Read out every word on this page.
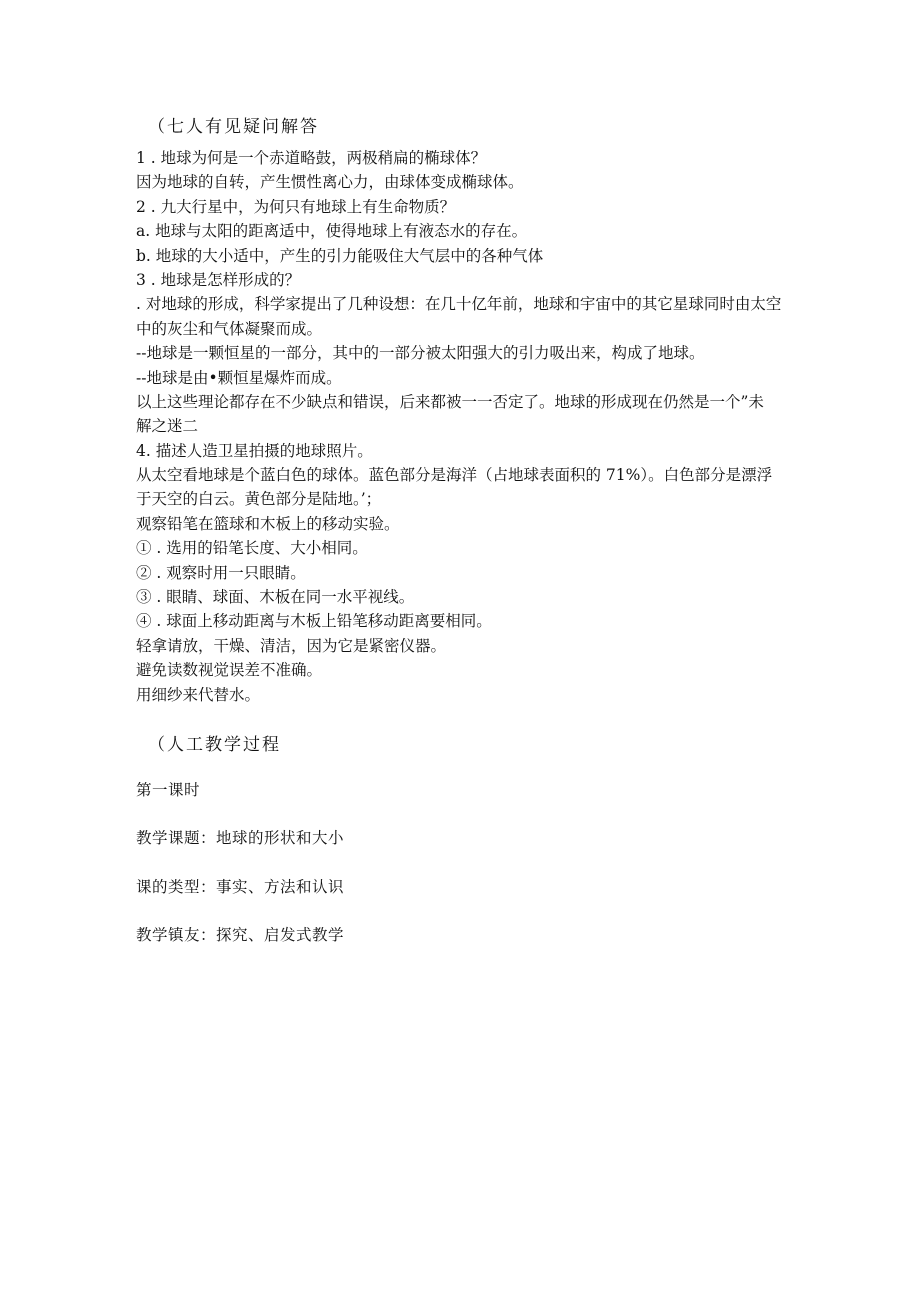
（七人有见疑问解答
1 . 地球为何是一个赤道略鼓，两极稍扁的椭球体？
因为地球的自转，产生惯性离心力，由球体变成椭球体。
2 . 九大行星中，为何只有地球上有生命物质？
a. 地球与太阳的距离适中，使得地球上有液态水的存在。
b. 地球的大小适中，产生的引力能吸住大气层中的各种气体
3 . 地球是怎样形成的？
. 对地球的形成，科学家提出了几种设想：在几十亿年前，地球和宇宙中的其它星球同时由太空
中的灰尘和气体凝聚而成。
--地球是一颗恒星的一部分，其中的一部分被太阳强大的引力吸出来，构成了地球。
--地球是由•颗恒星爆炸而成。
以上这些理论都存在不少缺点和错误，后来都被一一否定了。地球的形成现在仍然是一个”未
解之迷二
4. 描述人造卫星拍摄的地球照片。
从太空看地球是个蓝白色的球体。蓝色部分是海洋（占地球表面积的 71%）。白色部分是漂浮
于天空的白云。黄色部分是陆地。’；
观察铅笔在篮球和木板上的移动实验。
① . 选用的铅笔长度、大小相同。
② . 观察时用一只眼睛。
③ . 眼睛、球面、木板在同一水平视线。
④ . 球面上移动距离与木板上铅笔移动距离要相同。
轻拿请放，干燥、清洁，因为它是紧密仪器。
避免读数视觉误差不准确。
用细纱来代替水。
（人工教学过程
第一课时
教学课题：地球的形状和大小
课的类型：事实、方法和认识
教学镇友：探究、启发式教学
